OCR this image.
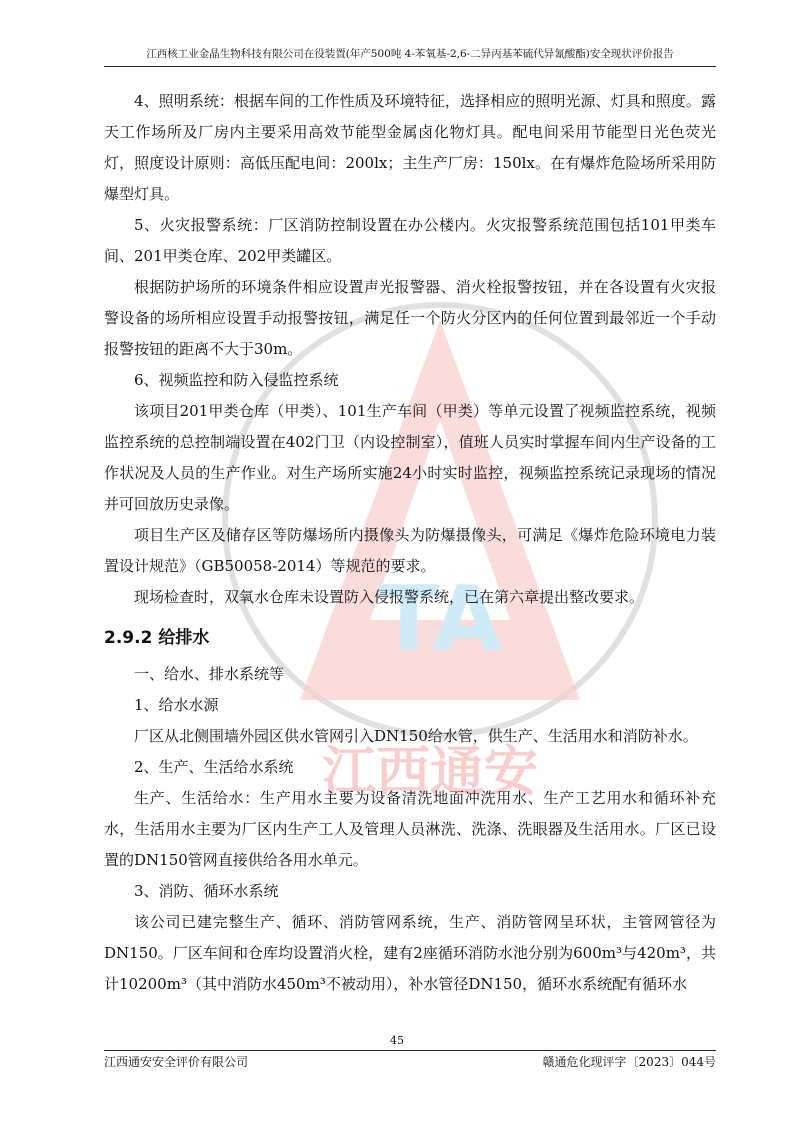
TA
江西通安
江西核工业金晶生物科技有限公司在役装置(年产500吨 4-苯氧基-2,6-二异丙基苯硫代异氰酸酯)安全现状评价报告

4、照明系统：根据车间的工作性质及环境特征，选择相应的照明光源、灯具和照度。露天工作场所及厂房内主要采用高效节能型金属卤化物灯具。配电间采用节能型日光色荧光灯，照度设计原则：高低压配电间：200lx；主生产厂房：150lx。在有爆炸危险场所采用防爆型灯具。

5、火灾报警系统：厂区消防控制设置在办公楼内。火灾报警系统范围包括101甲类车间、201甲类仓库、202甲类罐区。

根据防护场所的环境条件相应设置声光报警器、消火栓报警按钮，并在各设置有火灾报警设备的场所相应设置手动报警按钮，满足任一个防火分区内的任何位置到最邻近一个手动报警按钮的距离不大于30m。

6、视频监控和防入侵监控系统

该项目201甲类仓库（甲类）、101生产车间（甲类）等单元设置了视频监控系统，视频监控系统的总控制端设置在402门卫（内设控制室），值班人员实时掌握车间内生产设备的工作状况及人员的生产作业。对生产场所实施24小时实时监控，视频监控系统记录现场的情况并可回放历史录像。

项目生产区及储存区等防爆场所内摄像头为防爆摄像头，可满足《爆炸危险环境电力装置设计规范》（GB50058-2014）等规范的要求。

现场检查时，双氧水仓库未设置防入侵报警系统，已在第六章提出整改要求。

2.9.2 给排水

一、给水、排水系统等

1、给水水源

厂区从北侧围墙外园区供水管网引入DN150给水管，供生产、生活用水和消防补水。

2、生产、生活给水系统

生产、生活给水：生产用水主要为设备清洗地面冲洗用水、生产工艺用水和循环补充水，生活用水主要为厂区内生产工人及管理人员淋洗、洗涤、洗眼器及生活用水。厂区已设置的DN150管网直接供给各用水单元。

3、消防、循环水系统

该公司已建完整生产、循环、消防管网系统，生产、消防管网呈环状，主管网管径为DN150。厂区车间和仓库均设置消火栓，建有2座循环消防水池分别为600m³与420m³，共计10200m³（其中消防水450m³不被动用），补水管径DN150，循环水系统配有循环水

45
江西通安安全评价有限公司	赣通危化现评字〔2023〕044号
